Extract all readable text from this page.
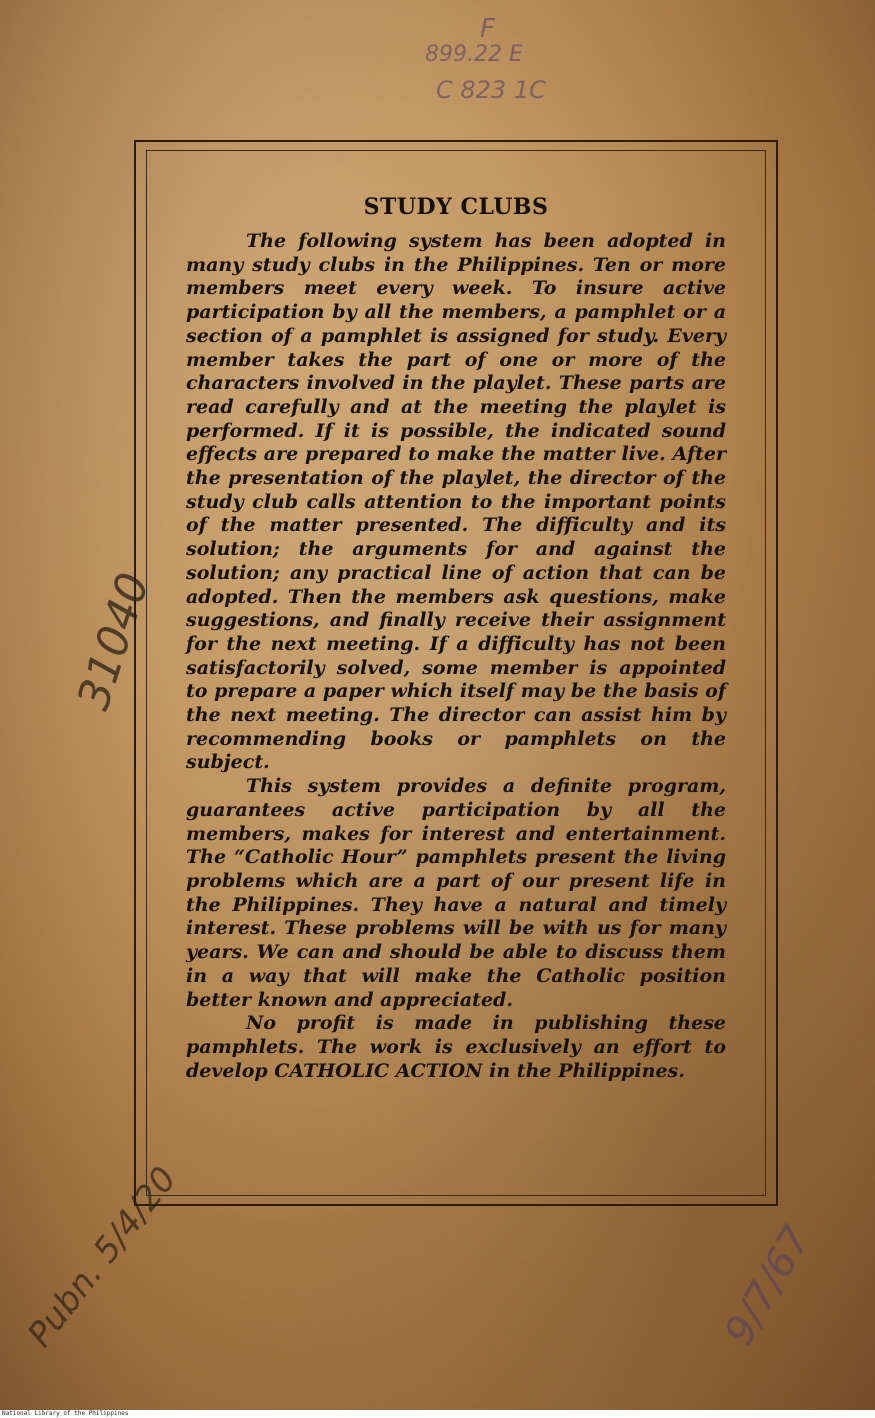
F
899.22 E
C 823 1C
31040
Pubn. 5/4/20	9/7/67
STUDY CLUBS

The following system has been adopted in many study clubs in the Philippines. Ten or more members meet every week. To insure active participation by all the members, a pamphlet or a section of a pamphlet is assigned for study. Every member takes the part of one or more of the characters involved in the playlet. These parts are read carefully and at the meeting the playlet is performed. If it is possible, the indicated sound effects are prepared to make the matter live. After the presentation of the playlet, the director of the study club calls attention to the important points of the matter presented. The difficulty and its solution; the arguments for and against the solution; any practical line of action that can be adopted. Then the members ask questions, make suggestions, and finally receive their assignment for the next meeting. If a difficulty has not been satisfactorily solved, some member is appointed to prepare a paper which itself may be the basis of the next meeting. The director can assist him by recommending books or pamphlets on the subject.

This system provides a definite program, guarantees active participation by all the members, makes for interest and entertainment. The “Catholic Hour” pamphlets present the living problems which are a part of our present life in the Philippines. They have a natural and timely interest. These problems will be with us for many years. We can and should be able to discuss them in a way that will make the Catholic position better known and appreciated.

No profit is made in publishing these pamphlets. The work is exclusively an effort to develop CATHOLIC ACTION in the Philippines.

National Library of the Philippines
